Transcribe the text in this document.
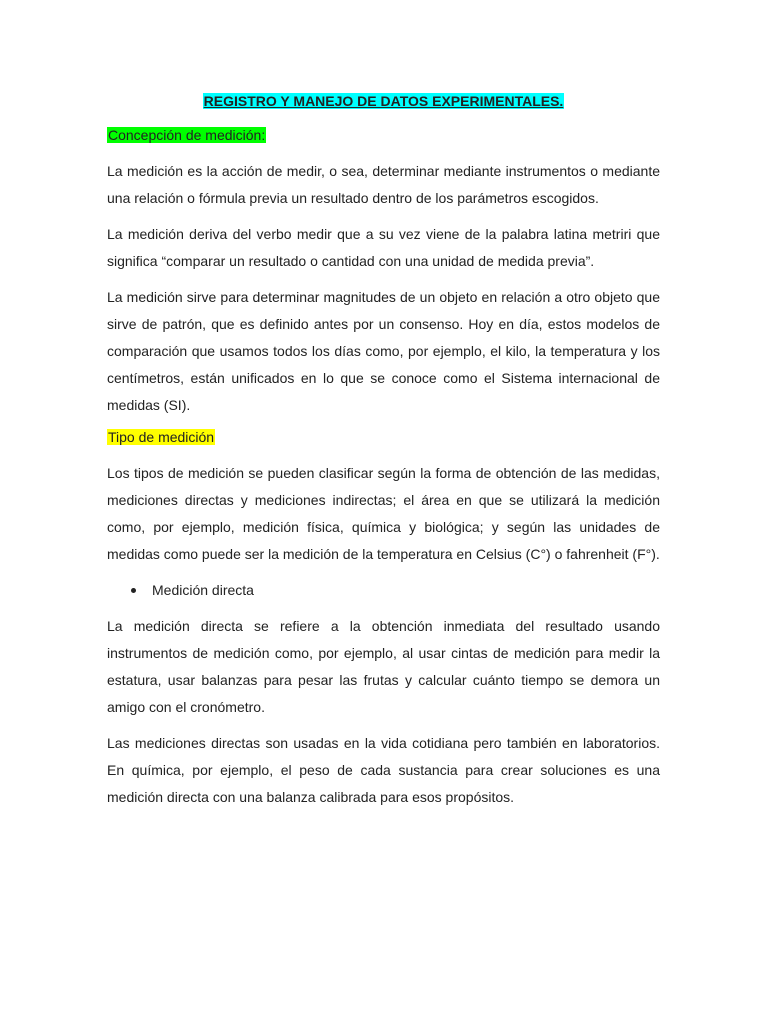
REGISTRO Y MANEJO DE DATOS EXPERIMENTALES.
Concepción de medición:

La medición es la acción de medir, o sea, determinar mediante instrumentos o mediante una relación o fórmula previa un resultado dentro de los parámetros escogidos.

La medición deriva del verbo medir que a su vez viene de la palabra latina metriri que significa “comparar un resultado o cantidad con una unidad de medida previa”.

La medición sirve para determinar magnitudes de un objeto en relación a otro objeto que sirve de patrón, que es definido antes por un consenso. Hoy en día, estos modelos de comparación que usamos todos los días como, por ejemplo, el kilo, la temperatura y los centímetros, están unificados en lo que se conoce como el Sistema internacional de medidas (SI).

Tipo de medición

Los tipos de medición se pueden clasificar según la forma de obtención de las medidas, mediciones directas y mediciones indirectas; el área en que se utilizará la medición como, por ejemplo, medición física, química y biológica; y según las unidades de medidas como puede ser la medición de la temperatura en Celsius (C°) o fahrenheit (F°).

Medición directa

La medición directa se refiere a la obtención inmediata del resultado usando instrumentos de medición como, por ejemplo, al usar cintas de medición para medir la estatura, usar balanzas para pesar las frutas y calcular cuánto tiempo se demora un amigo con el cronómetro.

Las mediciones directas son usadas en la vida cotidiana pero también en laboratorios. En química, por ejemplo, el peso de cada sustancia para crear soluciones es una medición directa con una balanza calibrada para esos propósitos.
